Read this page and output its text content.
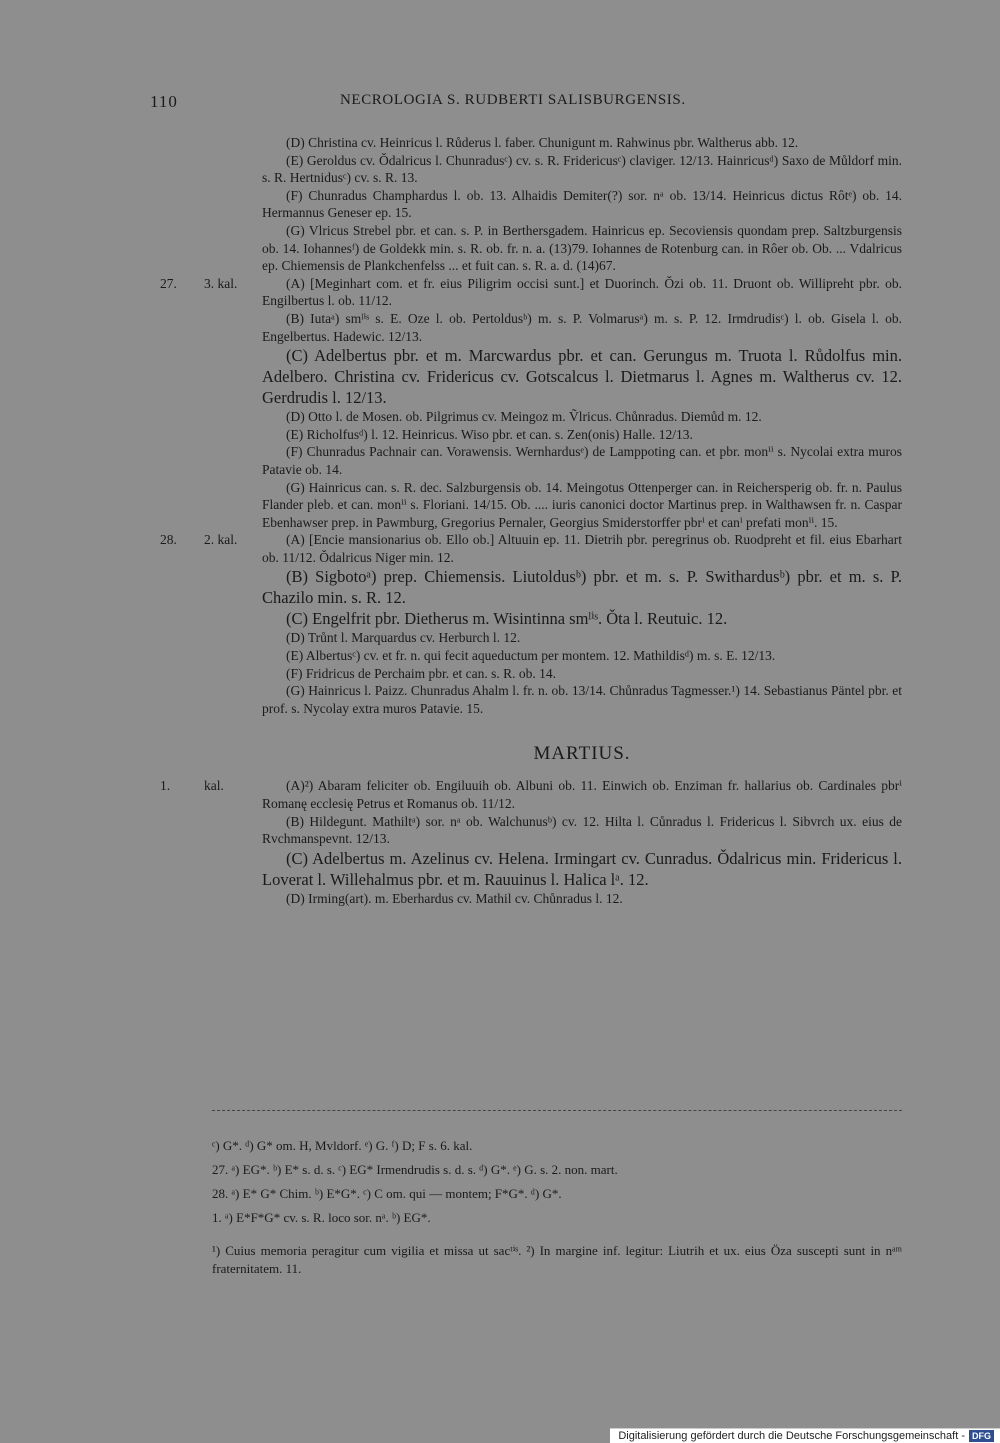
110	NECROLOGIA S. RUDBERTI SALISBURGENSIS.

(D) Christina cv. Heinricus l. Růderus l. faber. Chunigunt m. Rahwinus pbr. Waltherus abb. 12.

(E) Geroldus cv. Ǒdalricus l. Chunradusᶜ) cv. s. R. Fridericusᶜ) claviger. 12/13. Hainricusᵈ) Saxo de Můldorf min. s. R. Hertnidusᶜ) cv. s. R. 13.

(F) Chunradus Champhardus l. ob. 13. Alhaidis Demiter(?) sor. nᵃ ob. 13/14. Heinricus dictus Rôtᵉ) ob. 14. Hermannus Geneser ep. 15.

(G) Vlricus Strebel pbr. et can. s. P. in Berthersgadem. Hainricus ep. Secoviensis quondam prep. Saltzburgensis ob. 14. Iohannesᶠ) de Goldekk min. s. R. ob. fr. n. a. (13)79. Iohannes de Rotenburg can. in Rôer ob. Ob. ... Vdalricus ep. Chiemensis de Plankchenfelss ... et fuit can. s. R. a. d. (14)67.

27.	3. kal.	(A) [Meginhart com. et fr. eius Piligrim occisi sunt.] et Duorinch. Ǒzi ob. 11. Druont ob. Willipreht pbr. ob. Engilbertus l. ob. 11/12.

(B) Iutaᵃ) smˡⁱˢ s. E. Oze l. ob. Pertoldusᵇ) m. s. P. Volmarusᵃ) m. s. P. 12. Irmdrudisᶜ) l. ob. Gisela l. ob. Engelbertus. Hadewic. 12/13.

(C) Adelbertus pbr. et m. Marcwardus pbr. et can. Gerungus m. Truota l. Růdolfus min. Adelbero. Christina cv. Fridericus cv. Gotscalcus l. Dietmarus l. Agnes m. Waltherus cv. 12. Gerdrudis l. 12/13.

(D) Otto l. de Mosen. ob. Pilgrimus cv. Meingoz m. Ṽlricus. Chůnradus. Diemůd m. 12.

(E) Richolfusᵈ) l. 12. Heinricus. Wiso pbr. et can. s. Zen(onis) Halle. 12/13.

(F) Chunradus Pachnair can. Vorawensis. Wernhardusᵉ) de Lamppoting can. et pbr. monⁱⁱ s. Nycolai extra muros Patavie ob. 14.

(G) Hainricus can. s. R. dec. Salzburgensis ob. 14. Meingotus Ottenperger can. in Reichersperig ob. fr. n. Paulus Flander pleb. et can. monⁱⁱ s. Floriani. 14/15. Ob. .... iuris canonici doctor Martinus prep. in Walthawsen fr. n. Caspar Ebenhawser prep. in Pawmburg, Gregorius Pernaler, Georgius Smiderstorffer pbrⁱ et canⁱ prefati monⁱⁱ. 15.

28.	2. kal.	(A) [Encie mansionarius ob. Ello ob.] Altuuin ep. 11. Dietrih pbr. peregrinus ob. Ruodpreht et fil. eius Ebarhart ob. 11/12. Ǒdalricus Niger min. 12.

(B) Sigbotoᵃ) prep. Chiemensis. Liutoldusᵇ) pbr. et m. s. P. Swithardusᵇ) pbr. et m. s. P. Chazilo min. s. R. 12.

(C) Engelfrit pbr. Dietherus m. Wisintinna smˡⁱˢ. Ǒta l. Reutuic. 12.

(D) Trůnt l. Marquardus cv. Herburch l. 12.

(E) Albertusᶜ) cv. et fr. n. qui fecit aqueductum per montem. 12. Mathildisᵈ) m. s. E. 12/13.

(F) Fridricus de Perchaim pbr. et can. s. R. ob. 14.

(G) Hainricus l. Paizz. Chunradus Ahalm l. fr. n. ob. 13/14. Chůnradus Tagmesser.¹) 14. Sebastianus Päntel pbr. et prof. s. Nycolay extra muros Patavie. 15.

MARTIUS.
1.	kal.	(A)²) Abaram feliciter ob. Engiluuih ob. Albuni ob. 11. Einwich ob. Enziman fr. hallarius ob. Cardinales pbrⁱ Romanę ecclesię Petrus et Romanus ob. 11/12.

(B) Hildegunt. Mathiltᵃ) sor. nᵃ ob. Walchunusᵇ) cv. 12. Hilta l. Cůnradus l. Fridericus l. Sibvrch ux. eius de Rvchmanspevnt. 12/13.

(C) Adelbertus m. Azelinus cv. Helena. Irmingart cv. Cunradus. Ǒdalricus min. Fridericus l. Loverat l. Willehalmus pbr. et m. Rauuinus l. Halica lᵃ. 12.

(D) Irming(art). m. Eberhardus cv. Mathil cv. Chůnradus l. 12.

ᶜ) G*. ᵈ) G* om. H, Mvldorf. ᵉ) G. ᶠ) D; F s. 6. kal.

27. ᵃ) EG*. ᵇ) E* s. d. s. ᶜ) EG* Irmendrudis s. d. s. ᵈ) G*. ᵉ) G. s. 2. non. mart.

28. ᵃ) E* G* Chim. ᵇ) E*G*. ᶜ) C om. qui — montem; F*G*. ᵈ) G*.

1. ᵃ) E*F*G* cv. s. R. loco sor. nᵃ. ᵇ) EG*.

¹) Cuius memoria peragitur cum vigilia et missa ut sacᵗⁱˢ. ²) In margine inf. legitur: Liutrih et ux. eius Öza suscepti sunt in nᵃᵐ fraternitatem. 11.

Digitalisierung gefördert durch die Deutsche Forschungsgemeinschaft - DFG
